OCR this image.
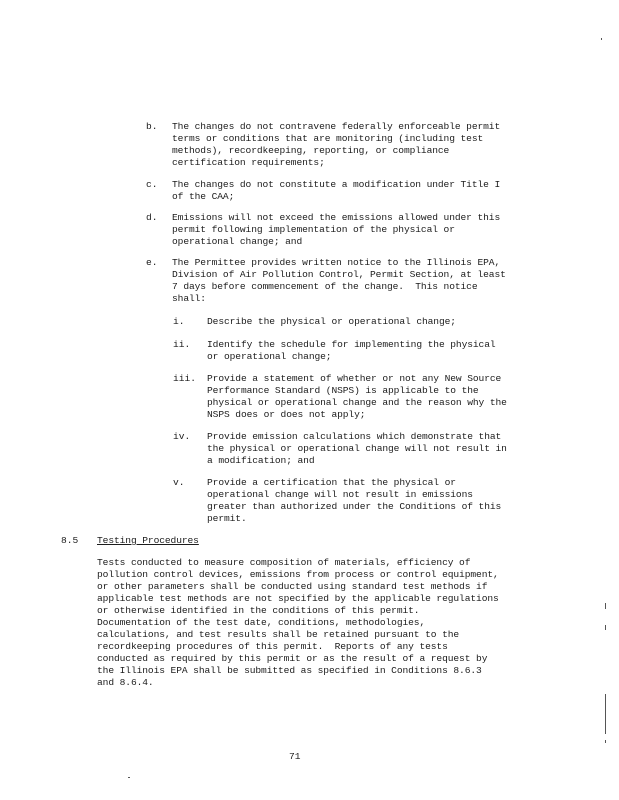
b. The changes do not contravene federally enforceable permit
terms or conditions that are monitoring (including test
methods), recordkeeping, reporting, or compliance
certification requirements;
c. The changes do not constitute a modification under Title I
of the CAA;
d. Emissions will not exceed the emissions allowed under this
permit following implementation of the physical or
operational change; and
e. The Permittee provides written notice to the Illinois EPA,
Division of Air Pollution Control, Permit Section, at least
7 days before commencement of the change.  This notice
shall:
i. Describe the physical or operational change;
ii. Identify the schedule for implementing the physical
or operational change;
iii. Provide a statement of whether or not any New Source
Performance Standard (NSPS) is applicable to the
physical or operational change and the reason why the
NSPS does or does not apply;
iv. Provide emission calculations which demonstrate that
the physical or operational change will not result in
a modification; and
v. Provide a certification that the physical or
operational change will not result in emissions
greater than authorized under the Conditions of this
permit.
8.5 Testing Procedures
Tests conducted to measure composition of materials, efficiency of
pollution control devices, emissions from process or control equipment,
or other parameters shall be conducted using standard test methods if
applicable test methods are not specified by the applicable regulations
or otherwise identified in the conditions of this permit.
Documentation of the test date, conditions, methodologies,
calculations, and test results shall be retained pursuant to the
recordkeeping procedures of this permit.  Reports of any tests
conducted as required by this permit or as the result of a request by
the Illinois EPA shall be submitted as specified in Conditions 8.6.3
and 8.6.4.
71
